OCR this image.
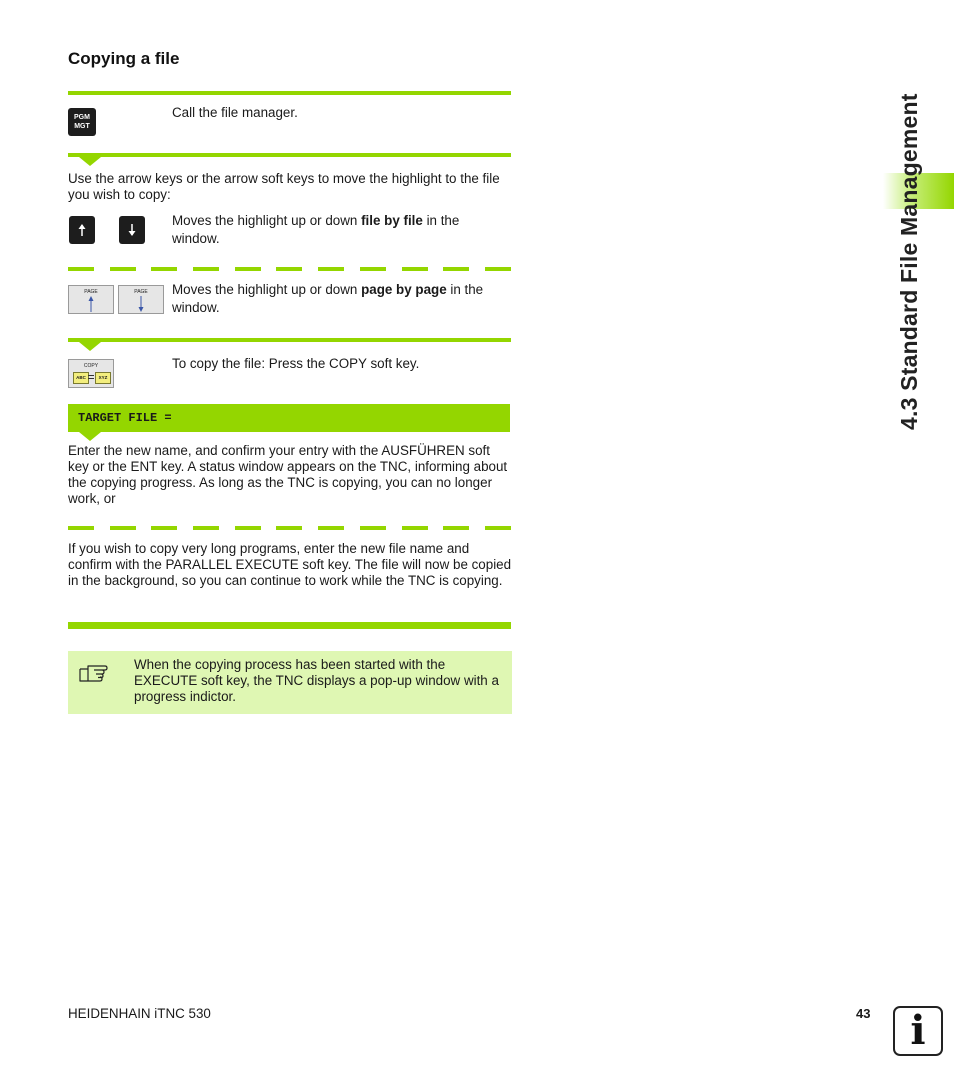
Copying a file
4.3 Standard File Management
PGM
MGT
Call the file manager.
Use the arrow keys or the arrow soft keys to move the highlight to the file you wish to copy:
Moves the highlight up or down file by file in the window.
PAGE	PAGE	Moves the highlight up or down page by page in the window.
COPY
ABC	XYZ
To copy the file: Press the COPY soft key.
TARGET FILE =
Enter the new name, and confirm your entry with the AUSFÜHREN soft key or the ENT key. A status window appears on the TNC, informing about the copying progress. As long as the TNC is copying, you can no longer work, or
If you wish to copy very long programs, enter the new file name and confirm with the PARALLEL EXECUTE soft key. The file will now be copied in the background, so you can continue to work while the TNC is copying.
When the copying process has been started with the EXECUTE soft key, the TNC displays a pop-up window with a progress indictor.
HEIDENHAIN iTNC 530	43 i
